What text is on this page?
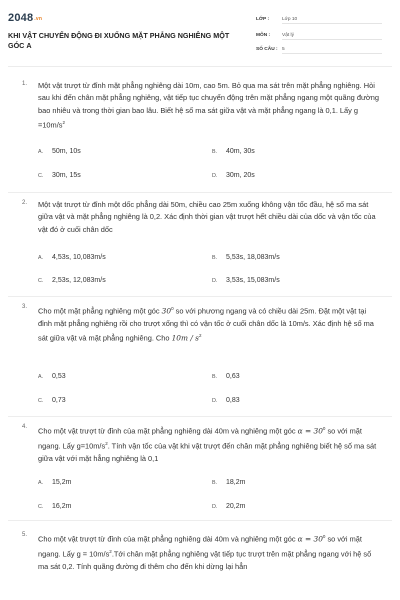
$2048^{.vn}$
KHI VẬT CHUYỂN ĐỘNG ĐI XUỐNG MẶT PHẲNG NGHIÊNG MỘT GÓC Α
LỚP :	Lớp 10
MÔN : Vật lý
SỐ CÂU : 5
1. Một vật trượt từ đỉnh mặt phẳng nghiêng dài 10m, cao 5m. Bỏ qua ma sát trên mặt phẳng nghiêng. Hỏi sau khi đến chân mặt phẳng nghiêng, vật tiếp tục chuyển động trên mặt phẳng ngang một quãng đường bao nhiêu và trong thời gian bao lâu. Biết hệ số ma sát giữa vật và mặt phẳng ngang là 0,1. Lấy $g =10m/s^2$

A. 50m, 10s	B. 40m, 30s
C. 30m, 15s	D. 30m, 20s
2. Một vật trượt từ đỉnh một dốc phẳng dài 50m, chiều cao 25m xuống không vận tốc đầu, hệ số ma sát giữa vật và mặt phẳng nghiêng là 0,2. Xác định thời gian vật trượt hết chiều dài của dốc và vận tốc của vật đó ở cuối chân dốc

A. 4,53s, 10,083m/s	B. 5,53s, 18,083m/s
C. 2,53s, 12,083m/s	D. 3,53s, 15,083m/s
3. Cho một mặt phẳng nghiêng một góc $30^0$ so với phương ngang và có chiều dài 25m. Đặt một vật tại đỉnh mặt phẳng nghiêng rồi cho trượt xống thì có vận tốc ở cuối chân dốc là 10m/s. Xác định hệ số ma sát giữa vật và mặt phẳng nghiêng. Cho $10m / s^2$

A. 0,53	B. 0,63
C. 0,73	D. 0,83
4. Cho một vật trượt từ đỉnh của mặt phẳng nghiêng dài 40m và nghiêng một góc $\alpha = 30^0$ so với mặt ngang. Lấy $g=10m/s^2$. Tính vận tốc của vật khi vật trượt đến chân mặt phẳng nghiêng biết hệ số ma sát giữa vật với mặt hẳng nghiêng là 0,1

A. 15,2m	B. 18,2m
C. 16,2m	D. 20,2m
5. Cho một vật trượt từ đỉnh của mặt phẳng nghiêng dài 40m và nghiêng một góc $\alpha = 30^0$ so với mặt ngang. Lấy $g = 10m/s^2.Tới$ chân mặt phẳng nghiêng vật tiếp tục trượt trên mặt phẳng ngang với hệ số ma sát 0,2. Tính quãng đường đi thêm cho đến khi dừng lại hẳn
